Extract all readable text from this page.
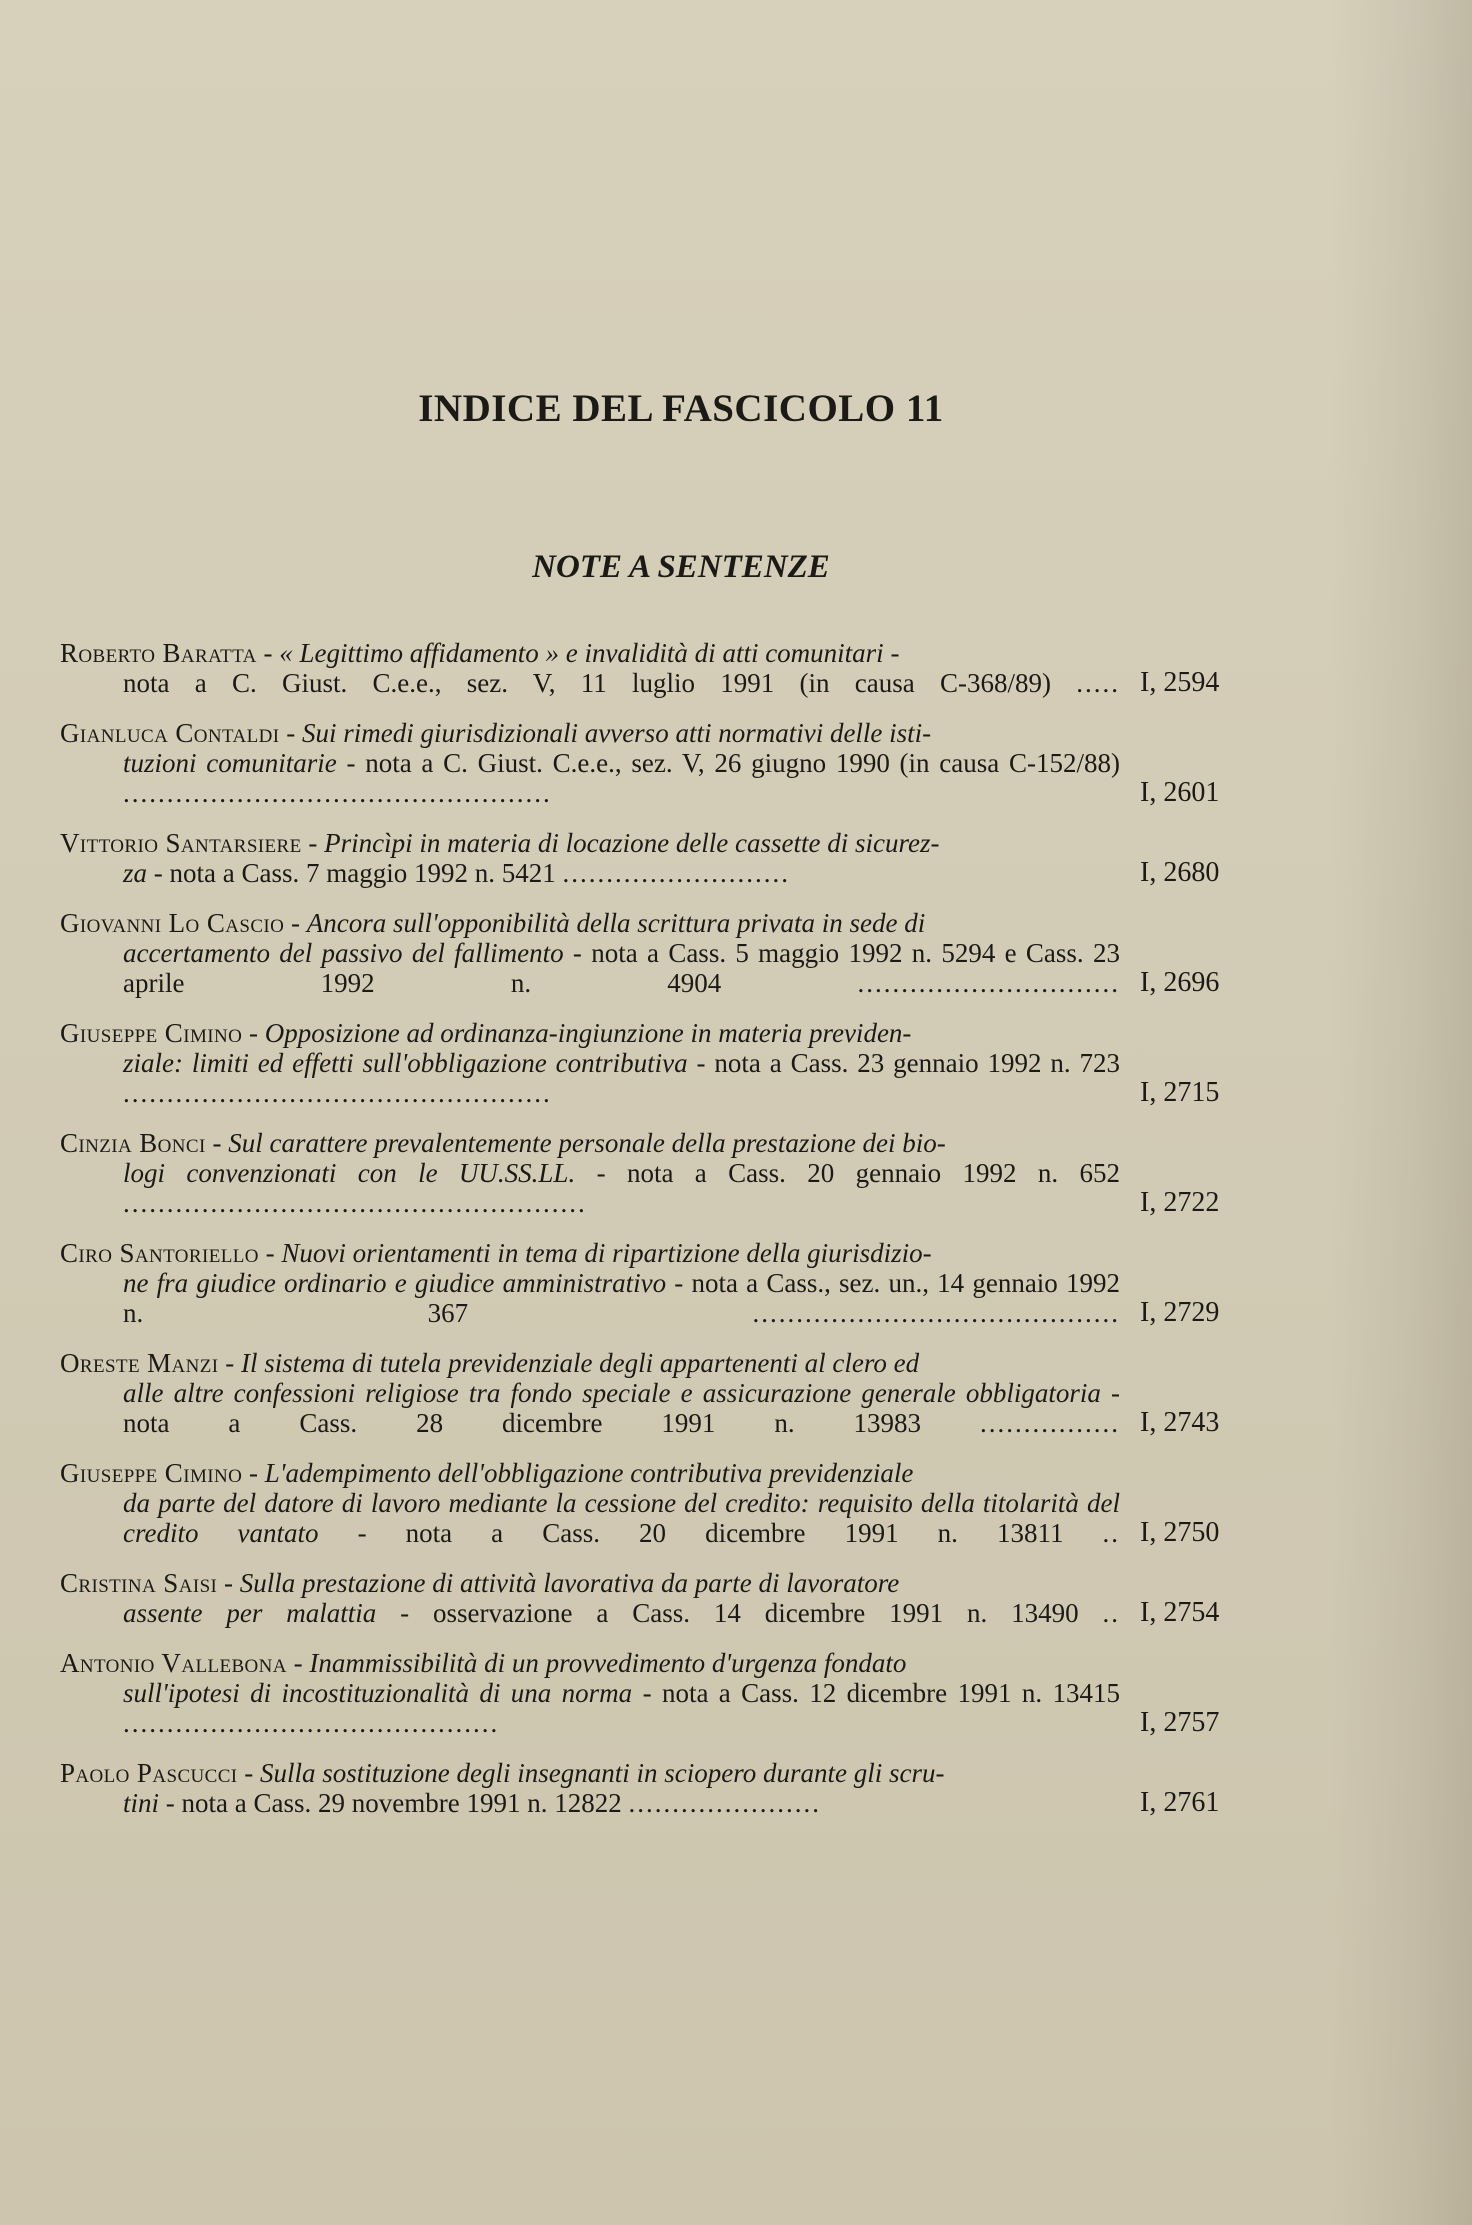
INDICE DEL FASCICOLO 11
NOTE A SENTENZE
Roberto Baratta - « Legittimo affidamento » e invalidità di atti comunitari -
nota a C. Giust. C.e.e., sez. V, 11 luglio 1991 (in causa C-368/89) ..... I, 2594
Gianluca Contaldi - Sui rimedi giurisdizionali avverso atti normativi delle isti-
tuzioni comunitarie - nota a C. Giust. C.e.e., sez. V, 26 giugno 1990 (in causa C-152/88) .................................................	I, 2601
Vittorio Santarsiere - Princìpi in materia di locazione delle cassette di sicurez-
za - nota a Cass. 7 maggio 1992 n. 5421 ..........................	I, 2680
Giovanni Lo Cascio - Ancora sull'opponibilità della scrittura privata in sede di
accertamento del passivo del fallimento - nota a Cass. 5 maggio 1992 n. 5294 e Cass. 23 aprile 1992 n. 4904	.............................. I, 2696
Giuseppe Cimino - Opposizione ad ordinanza-ingiunzione in materia previden-
ziale: limiti ed effetti sull'obbligazione contributiva - nota a Cass. 23 gennaio 1992 n. 723 .................................................	I, 2715
Cinzia Bonci - Sul carattere prevalentemente personale della prestazione dei bio-
logi convenzionati con le UU.SS.LL. - nota a Cass. 20 gennaio 1992 n. 652 .....................................................	I, 2722
Ciro Santoriello - Nuovi orientamenti in tema di ripartizione della giurisdizio-
ne fra giudice ordinario e giudice amministrativo - nota a Cass., sez. un., 14 gennaio 1992 n. 367	.......................................... I, 2729
Oreste Manzi - Il sistema di tutela previdenziale degli appartenenti al clero ed
alle altre confessioni religiose tra fondo speciale e assicurazione generale obbligatoria - nota a Cass. 28 dicembre 1991 n. 13983 ................ I, 2743
Giuseppe Cimino - L'adempimento dell'obbligazione contributiva previdenziale
da parte del datore di lavoro mediante la cessione del credito: requisito della titolarità del credito vantato - nota a Cass. 20 dicembre 1991 n. 13811 .. I, 2750
Cristina Saisi - Sulla prestazione di attività lavorativa da parte di lavoratore
assente per malattia - osservazione a Cass. 14 dicembre 1991 n. 13490 .. I, 2754
Antonio Vallebona - Inammissibilità di un provvedimento d'urgenza fondato
sull'ipotesi di incostituzionalità di una norma - nota a Cass. 12 dicembre 1991 n. 13415 ...........................................	I, 2757
Paolo Pascucci - Sulla sostituzione degli insegnanti in sciopero durante gli scru-
tini - nota a Cass. 29 novembre 1991 n. 12822 ......................	I, 2761
